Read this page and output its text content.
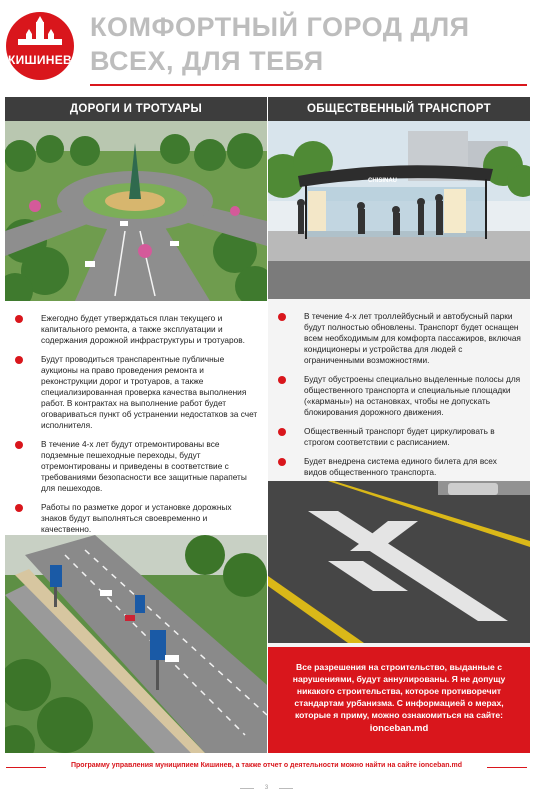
КИШИНЕВ
КОМФОРТНЫЙ ГОРОД ДЛЯ
ВСЕХ, ДЛЯ ТЕБЯ
ДОРОГИ И ТРОТУАРЫ
Ежегодно будет утверждаться план текущего и капитального ремонта, а также эксплуатации и содержания дорожной инфраструктуры и тротуаров.
Будут проводиться транспарентные публичные аукционы на право проведения ремонта и реконструкции дорог и тротуаров, а также специализированная проверка качества выполнения работ. В контрактах на выполнение работ будет оговариваться пункт об устранении недостатков за счет исполнителя.
В течение 4-х лет будут отремонтированы все подземные пешеходные переходы, будут отремонтированы и приведены в соответствие с требованиями безопасности все защитные парапеты для пешеходов.
Работы по разметке дорог и установке дорожных знаков будут выполняться своевременно и качественно.
ОБЩЕСТВЕННЫЙ ТРАНСПОРТ
CHISINAU
В течение 4-х лет троллейбусный и автобусный парки будут полностью обновлены. Транспорт будет оснащен всем необходимым для комфорта пассажиров, включая кондиционеры и устройства для людей с ограниченными возможностями.
Будут обустроены специально выделенные полосы для общественного транспорта и специальные площадки («карманы») на остановках, чтобы не допускать блокирования дорожного движения.
Общественный транспорт будет циркулировать в строгом соответствии с расписанием.
Будет внедрена система единого билета для всех видов общественного транспорта.
Все разрешения на строительство, выданные с нарушениями, будут аннулированы. Я не допущу никакого строительства, которое противоречит стандартам урбанизма. С информацией о мерах, которые я приму, можно ознакомиться на сайте:
ionceban.md
Программу управления муниципием Кишинев, а также отчет о деятельности можно найти на сайте ionceban.md
3
